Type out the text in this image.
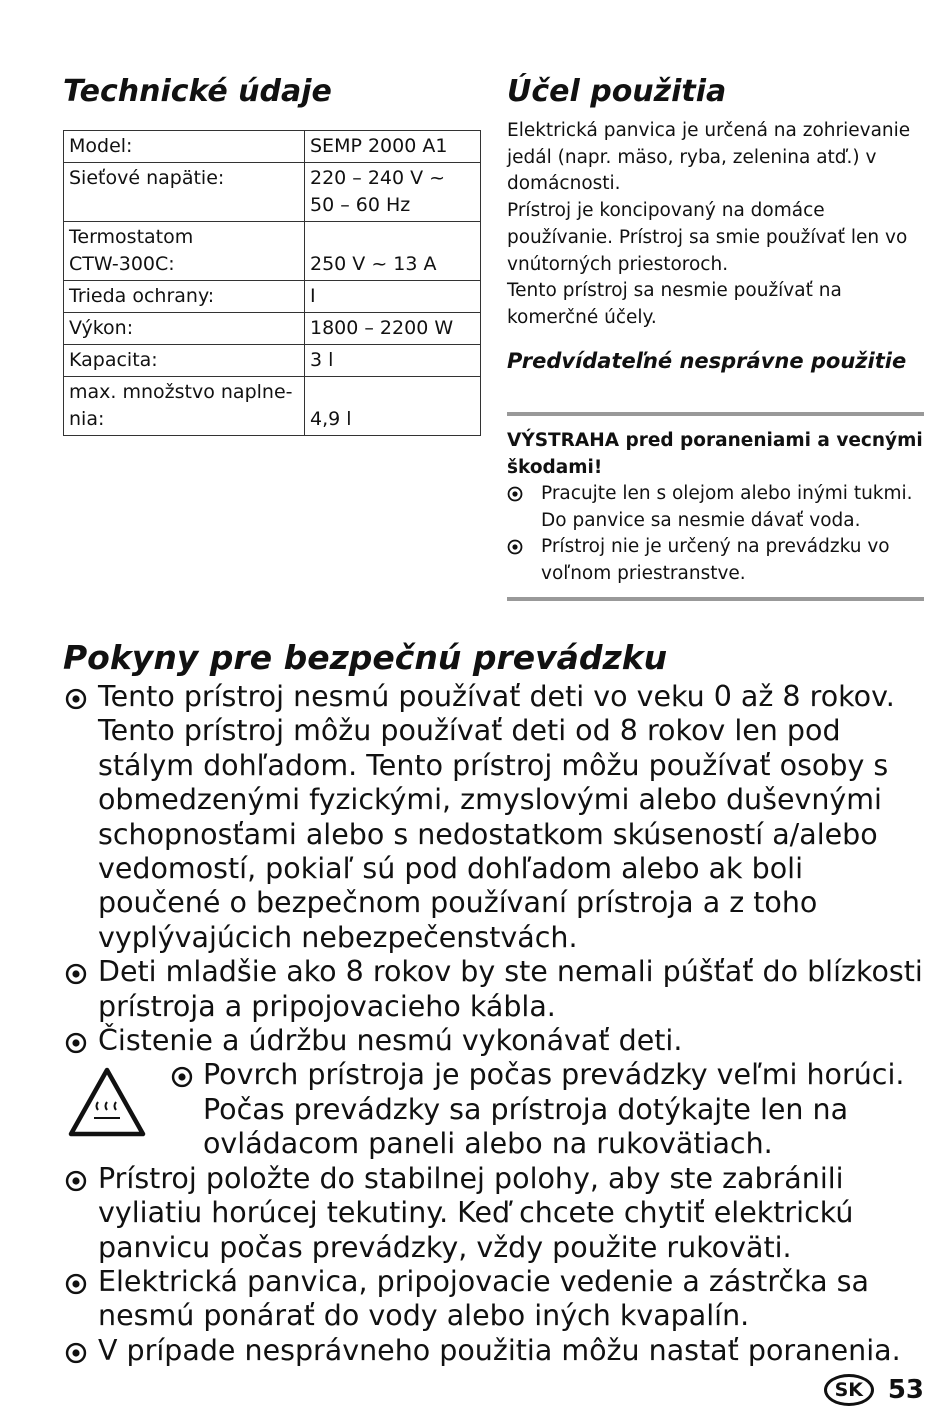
Technické údaje
Model:	SEMP 2000 A1
Sieťové napätie:	220 – 240 V ~
50 – 60 Hz
Termostatom
CTW-300C:	250 V ~ 13 A
Trieda ochrany:	I
Výkon:	1800 – 2200 W
Kapacita:	3 l
max. množstvo naplne-
nia:	4,9 l
Účel použitia

Elektrická panvica je určená na zohrievanie jedál (napr. mäso, ryba, zelenina atď.) v domácnosti.

Prístroj je koncipovaný na domáce používanie. Prístroj sa smie používať len vo vnútorných priestoroch.

Tento prístroj sa nesmie používať na komerčné účely.

Predvídateľné nesprávne použitie

VÝSTRAHA pred poraneniami a vecnými škodami!

Pracujte len s olejom alebo inými tukmi. Do panvice sa nesmie dávať voda.
Prístroj nie je určený na prevádzku vo voľnom priestranstve.
Pokyny pre bezpečnú prevádzku
Tento prístroj nesmú používať deti vo veku 0 až 8 rokov. Tento prístroj môžu používať deti od 8 rokov len pod stálym dohľadom. Tento prístroj môžu používať osoby s obmedzenými fyzickými, zmyslovými alebo duševnými schopnosťami alebo s nedostatkom skúseností a/alebo vedomostí, pokiaľ sú pod dohľadom alebo ak boli poučené o bezpečnom používaní prístroja a z toho vyplývajúcich nebezpečenstvách.
Deti mladšie ako 8 rokov by ste nemali púšťať do blízkosti prístroja a pripojovacieho kábla.
Čistenie a údržbu nesmú vykonávať deti.
Povrch prístroja je počas prevádzky veľmi horúci. Počas prevádzky sa prístroja dotýkajte len na ovládacom paneli alebo na rukovätiach.
Prístroj položte do stabilnej polohy, aby ste zabránili vyliatiu horúcej tekutiny. Keď chcete chytiť elektrickú panvicu počas prevádzky, vždy použite rukoväti.
Elektrická panvica, pripojovacie vedenie a zástrčka sa nesmú ponárať do vody alebo iných kvapalín.
V prípade nesprávneho použitia môžu nastať poranenia.
SK 53
